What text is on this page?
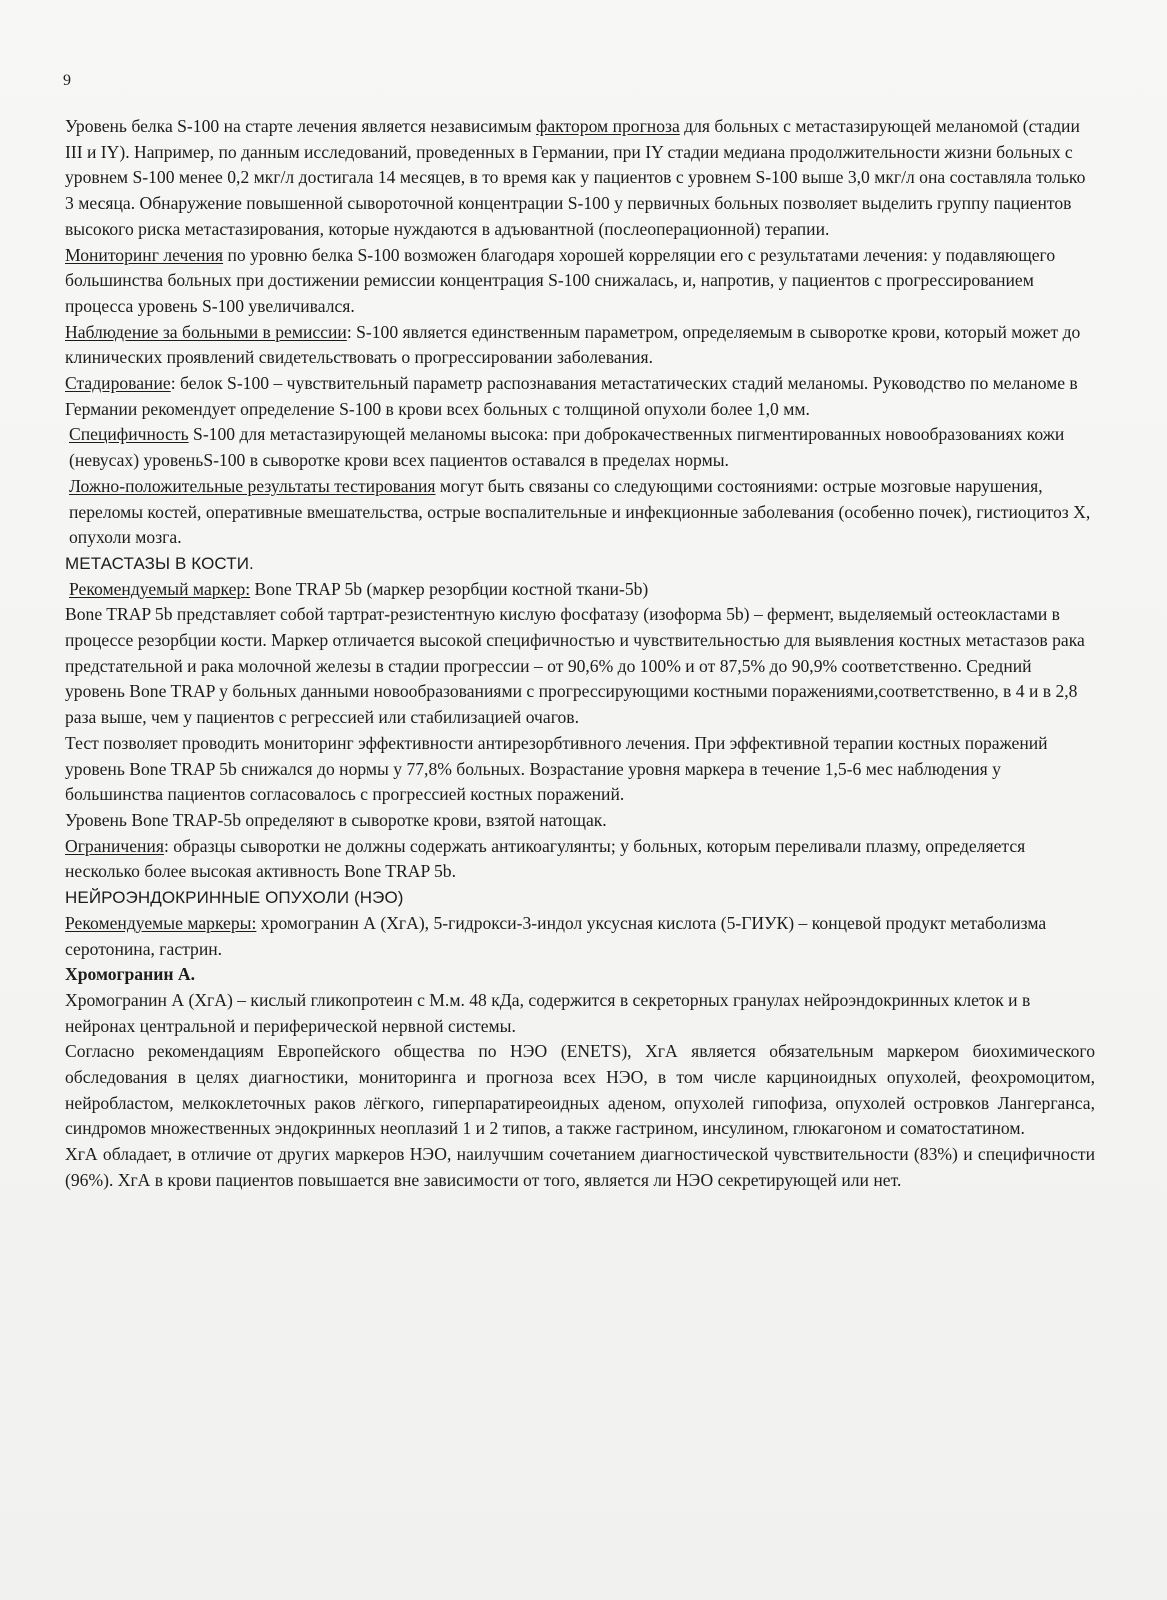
9

Уровень белка S-100 на старте лечения является независимым фактором прогноза для больных с метастазирующей меланомой (стадии III и IY). Например, по данным исследований, проведенных в Германии, при IY стадии медиана продолжительности жизни больных с уровнем S-100 менее 0,2 мкг/л достигала 14 месяцев, в то время как у пациентов с уровнем S-100 выше 3,0 мкг/л она составляла только 3 месяца. Обнаружение повышенной сывороточной концентрации S-100 у первичных больных позволяет выделить группу пациентов высокого риска метастазирования, которые нуждаются в адъювантной (послеоперационной) терапии.

Мониторинг лечения по уровню белка S-100 возможен благодаря хорошей корреляции его с результатами лечения: у подавляющего большинства больных при достижении ремиссии концентрация S-100 снижалась, и, напротив, у пациентов с прогрессированием процесса уровень S-100 увеличивался.

Наблюдение за больными в ремиссии: S-100 является единственным параметром, определяемым в сыворотке крови, который может до клинических проявлений свидетельствовать о прогрессировании заболевания.

Стадирование: белок S-100 – чувствительный параметр распознавания метастатических стадий меланомы. Руководство по меланоме в Германии рекомендует определение S-100 в крови всех больных с толщиной опухоли более 1,0 мм.

Специфичность S-100 для метастазирующей меланомы высока: при доброкачественных пигментированных новообразованиях кожи (невусах) уровеньS-100 в сыворотке крови всех пациентов оставался в пределах нормы.

Ложно-положительные результаты тестирования могут быть связаны со следующими состояниями: острые мозговые нарушения, переломы костей, оперативные вмешательства, острые воспалительные и инфекционные заболевания (особенно почек), гистиоцитоз Х, опухоли мозга.

МЕТАСТАЗЫ В КОСТИ.

Рекомендуемый маркер: Bone TRAP 5b (маркер резорбции костной ткани-5b)

Bone TRAP 5b представляет собой тартрат-резистентную кислую фосфатазу (изоформа 5b) – фермент, выделяемый остеокластами в процессе резорбции кости. Маркер отличается высокой специфичностью и чувствительностью для выявления костных метастазов рака предстательной и рака молочной железы в стадии прогрессии – от 90,6% до 100% и от 87,5% до 90,9% соответственно. Средний уровень Bone TRAP у больных данными новообразованиями с прогрессирующими костными поражениями,соответственно, в 4 и в 2,8 раза выше, чем у пациентов с регрессией или стабилизацией очагов.

Тест позволяет проводить мониторинг эффективности антирезорбтивного лечения. При эффективной терапии костных поражений уровень Bone TRAP 5b снижался до нормы у 77,8% больных. Возрастание уровня маркера в течение 1,5-6 мес наблюдения у большинства пациентов согласовалось с прогрессией костных поражений.

Уровень Bone TRAP-5b определяют в сыворотке крови, взятой натощак.

Ограничения: образцы сыворотки не должны содержать антикоагулянты; у больных, которым переливали плазму, определяется несколько более высокая активность Bone TRAP 5b.

НЕЙРОЭНДОКРИННЫЕ ОПУХОЛИ (НЭО)

Рекомендуемые маркеры: хромогранин А (ХгА), 5-гидрокси-3-индол уксусная кислота (5-ГИУК) – концевой продукт метаболизма серотонина, гастрин.

Хромогранин А.

Хромогранин А (ХгА) – кислый гликопротеин с М.м. 48 кДа, содержится в секреторных гранулах нейроэндокринных клеток и в нейронах центральной и периферической нервной системы.

Согласно рекомендациям Европейского общества по НЭО (ENETS), ХгА является обязательным маркером биохимического обследования в целях диагностики, мониторинга и прогноза всех НЭО, в том числе карциноидных опухолей, феохромоцитом, нейробластом, мелкоклеточных раков лёгкого, гиперпаратиреоидных аденом, опухолей гипофиза, опухолей островков Лангерганса, синдромов множественных эндокринных неоплазий 1 и 2 типов, а также гастрином, инсулином, глюкагоном и соматостатином.

ХгА обладает, в отличие от других маркеров НЭО, наилучшим сочетанием диагностической чувствительности (83%) и специфичности (96%). ХгА в крови пациентов повышается вне зависимости от того, является ли НЭО секретирующей или нет.
